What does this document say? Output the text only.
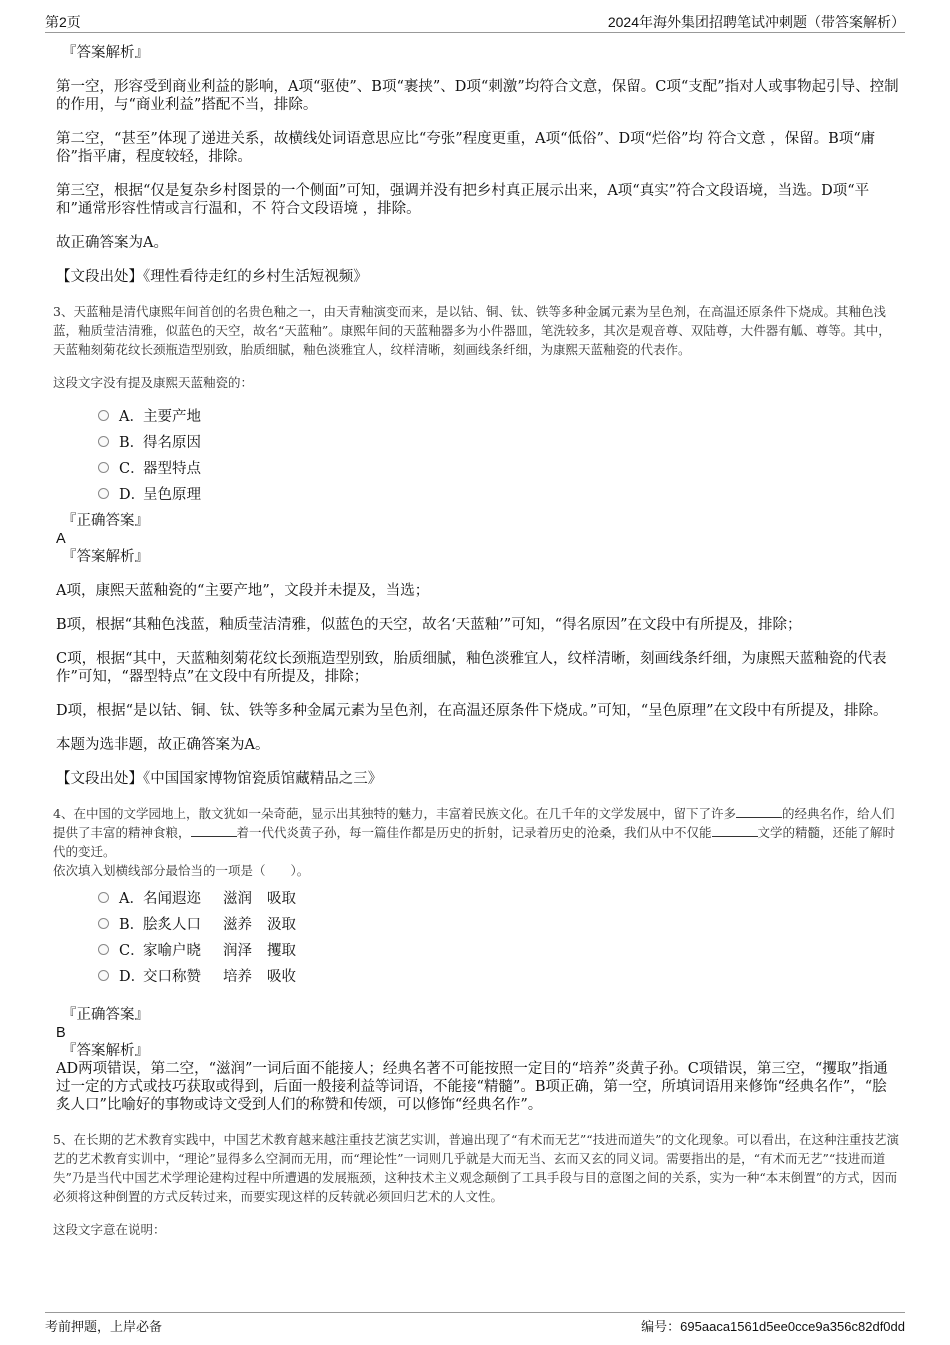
第2页	2024年海外集团招聘笔试冲刺题（带答案解析）

『答案解析』

第一空，形容受到商业利益的影响，A项“驱使”、B项“裹挟”、D项“刺激”均符合文意，保留。C项“支配”指对人或事物起引导、控制的作用，与“商业利益”搭配不当，排除。

第二空，“甚至”体现了递进关系，故横线处词语意思应比“夸张”程度更重，A项“低俗”、D项“烂俗”均 符合文意 ，保留。B项“庸俗”指平庸，程度较轻，排除。

第三空，根据“仅是复杂乡村图景的一个侧面”可知，强调并没有把乡村真正展示出来，A项“真实”符合文段语境，当选。D项“平和”通常形容性情或言行温和，不 符合文段语境 ，排除。

故正确答案为A。

【文段出处】《理性看待走红的乡村生活短视频》

3、天蓝釉是清代康熙年间首创的名贵色釉之一，由天青釉演变而来，是以钴、铜、钛、铁等多种金属元素为呈色剂，在高温还原条件下烧成。其釉色浅蓝，釉质莹洁清雅，似蓝色的天空，故名“天蓝釉”。康熙年间的天蓝釉器多为小件器皿，笔洗较多，其次是观音尊、双陆尊，大件器有觚、尊等。其中，天蓝釉刻菊花纹长颈瓶造型别致，胎质细腻，釉色淡雅宜人，纹样清晰，刻画线条纤细，为康熙天蓝釉瓷的代表作。

这段文字没有提及康熙天蓝釉瓷的：

A． 主要产地
B．
得名原因
C．
器型特点
D．
呈色原理

『正确答案』

A

『答案解析』

A项，康熙天蓝釉瓷的“主要产地”，文段并未提及，当选；

B项，根据“其釉色浅蓝，釉质莹洁清雅，似蓝色的天空，故名‘天蓝釉’”可知，“得名原因”在文段中有所提及，排除；

C项，根据“其中，天蓝釉刻菊花纹长颈瓶造型别致，胎质细腻，釉色淡雅宜人，纹样清晰，刻画线条纤细，为康熙天蓝釉瓷的代表作”可知，“器型特点”在文段中有所提及，排除；

D项，根据“是以钴、铜、钛、铁等多种金属元素为呈色剂，在高温还原条件下烧成。”可知，“呈色原理”在文段中有所提及，排除。

本题为选非题，故正确答案为A。

【文段出处】《中国国家博物馆瓷质馆藏精品之三》

4、在中国的文学园地上，散文犹如一朵奇葩，显示出其独特的魅力，丰富着民族文化。在几千年的文学发展中，留下了许多	的经典名作，给人们提供了丰富的精神食粮，	着一代代炎黄子孙，每一篇佳作都是历史的折射，记录着历史的沧桑，我们从中不仅能	文学的精髓，还能了解时代的变迁。

依次填入划横线部分最恰当的一项是（　　）。

A． 名闻遐迩	滋润	吸取
B．
脍炙人口	滋养	汲取
C．
家喻户晓	润泽	攫取
D．
交口称赞	培养	吸收

『正确答案』

B

『答案解析』

AD两项错误，第二空，“滋润”一词后面不能接人；经典名著不可能按照一定目的“培养”炎黄子孙。C项错误，第三空，“攫取”指通过一定的方式或技巧获取或得到，后面一般接利益等词语，不能接“精髓”。B项正确，第一空，所填词语用来修饰“经典名作”，“脍炙人口”比喻好的事物或诗文受到人们的称赞和传颂，可以修饰“经典名作”。

5、在长期的艺术教育实践中，中国艺术教育越来越注重技艺演艺实训，普遍出现了“有术而无艺”“技进而道失”的文化现象。可以看出，在这种注重技艺演艺的艺术教育实训中，“理论”显得多么空洞而无用，而“理论性”一词则几乎就是大而无当、玄而又玄的同义词。需要指出的是，“有术而无艺”“技进而道失”乃是当代中国艺术学理论建构过程中所遭遇的发展瓶颈，这种技术主义观念颠倒了工具手段与目的意图之间的关系，实为一种“本末倒置”的方式，因而必须将这种倒置的方式反转过来，而要实现这样的反转就必须回归艺术的人文性。

这段文字意在说明：

考前押题，上岸必备	编号：695aaca1561d5ee0cce9a356c82df0dd
